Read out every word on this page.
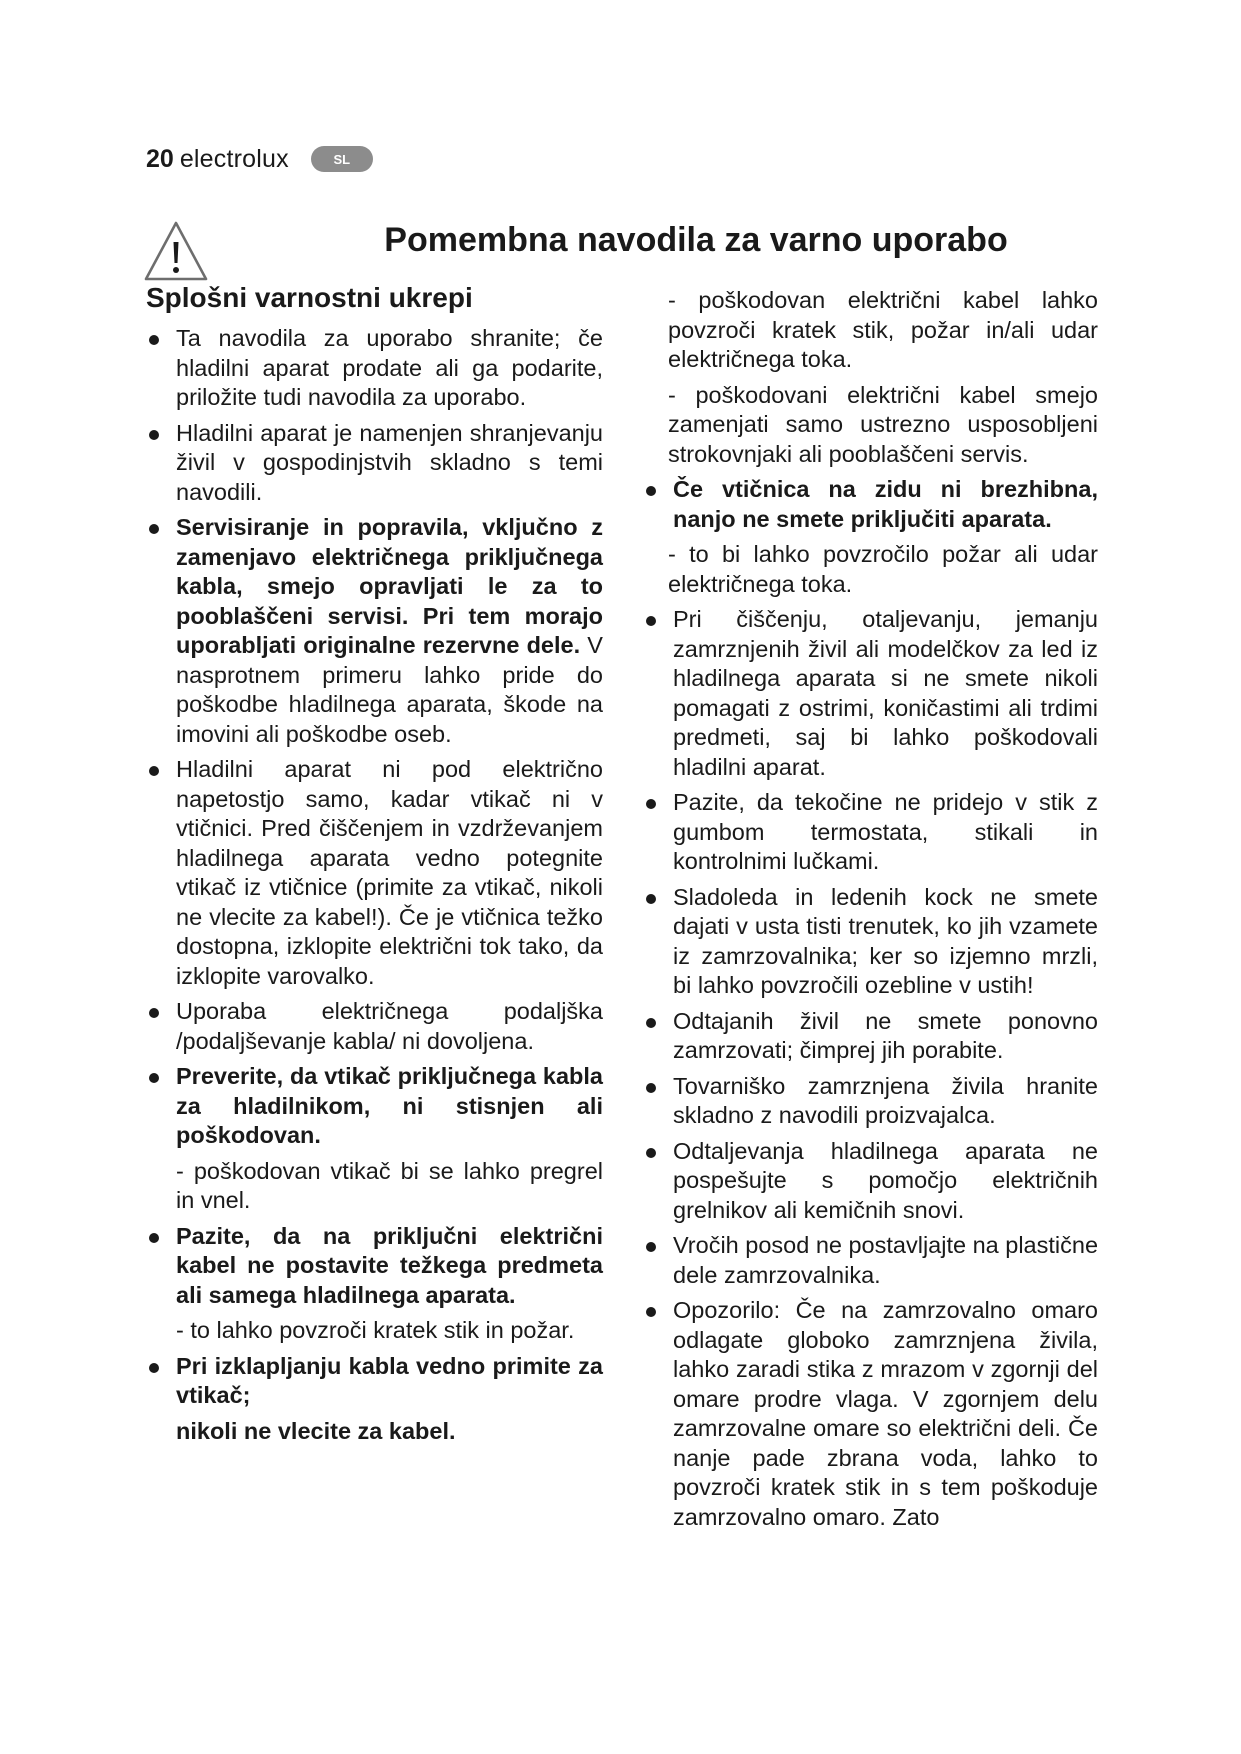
20 electrolux	SL
Pomembna navodila za varno uporabo
Splošni varnostni ukrepi
Ta navodila za uporabo shranite; če hladilni aparat prodate ali ga podarite, priložite tudi navodila za uporabo.
Hladilni aparat je namenjen shranjevanju živil v gospodinjstvih skladno s temi navodili.
Servisiranje in popravila, vključno z zamenjavo električnega priključnega kabla, smejo opravljati le za to pooblaščeni servisi. Pri tem morajo uporabljati originalne rezervne dele. V nasprotnem primeru lahko pride do poškodbe hladilnega aparata, škode na imovini ali poškodbe oseb.
Hladilni aparat ni pod električno napetostjo samo, kadar vtikač ni v vtičnici. Pred čiščenjem in vzdrževanjem hladilnega aparata vedno potegnite vtikač iz vtičnice (primite za vtikač, nikoli ne vlecite za kabel!). Če je vtičnica težko dostopna, izklopite električni tok tako, da izklopite varovalko.
Uporaba električnega podaljška /podaljševanje kabla/ ni dovoljena.
Preverite, da vtikač priključnega kabla za hladilnikom, ni stisnjen ali poškodovan.
- poškodovan vtikač bi se lahko pregrel in vnel.
Pazite, da na priključni električni kabel ne postavite težkega predmeta ali samega hladilnega aparata.
- to lahko povzroči kratek stik in požar.
Pri izklapljanju kabla vedno primite za vtikač;
nikoli ne vlecite za kabel.
- poškodovan električni kabel lahko povzroči kratek stik, požar in/ali udar električnega toka.
- poškodovani električni kabel smejo zamenjati samo ustrezno usposobljeni strokovnjaki ali pooblaščeni servis.
Če vtičnica na zidu ni brezhibna, nanjo ne smete priključiti aparata.
- to bi lahko povzročilo požar ali udar električnega toka.
Pri čiščenju, otaljevanju, jemanju zamrznjenih živil ali modelčkov za led iz hladilnega aparata si ne smete nikoli pomagati z ostrimi, koničastimi ali trdimi predmeti, saj bi lahko poškodovali hladilni aparat.
Pazite, da tekočine ne pridejo v stik z gumbom termostata, stikali in kontrolnimi lučkami.
Sladoleda in ledenih kock ne smete dajati v usta tisti trenutek, ko jih vzamete iz zamrzovalnika; ker so izjemno mrzli, bi lahko povzročili ozebline v ustih!
Odtajanih živil ne smete ponovno zamrzovati; čimprej jih porabite.
Tovarniško zamrznjena živila hranite skladno z navodili proizvajalca.
Odtaljevanja hladilnega aparata ne pospešujte s pomočjo električnih grelnikov ali kemičnih snovi.
Vročih posod ne postavljajte na plastične dele zamrzovalnika.
Opozorilo: Če na zamrzovalno omaro odlagate globoko zamrznjena živila, lahko zaradi stika z mrazom v zgornji del omare prodre vlaga. V zgornjem delu zamrzovalne omare so električni deli. Če nanje pade zbrana voda, lahko to povzroči kratek stik in s tem poškoduje zamrzovalno omaro. Zato
